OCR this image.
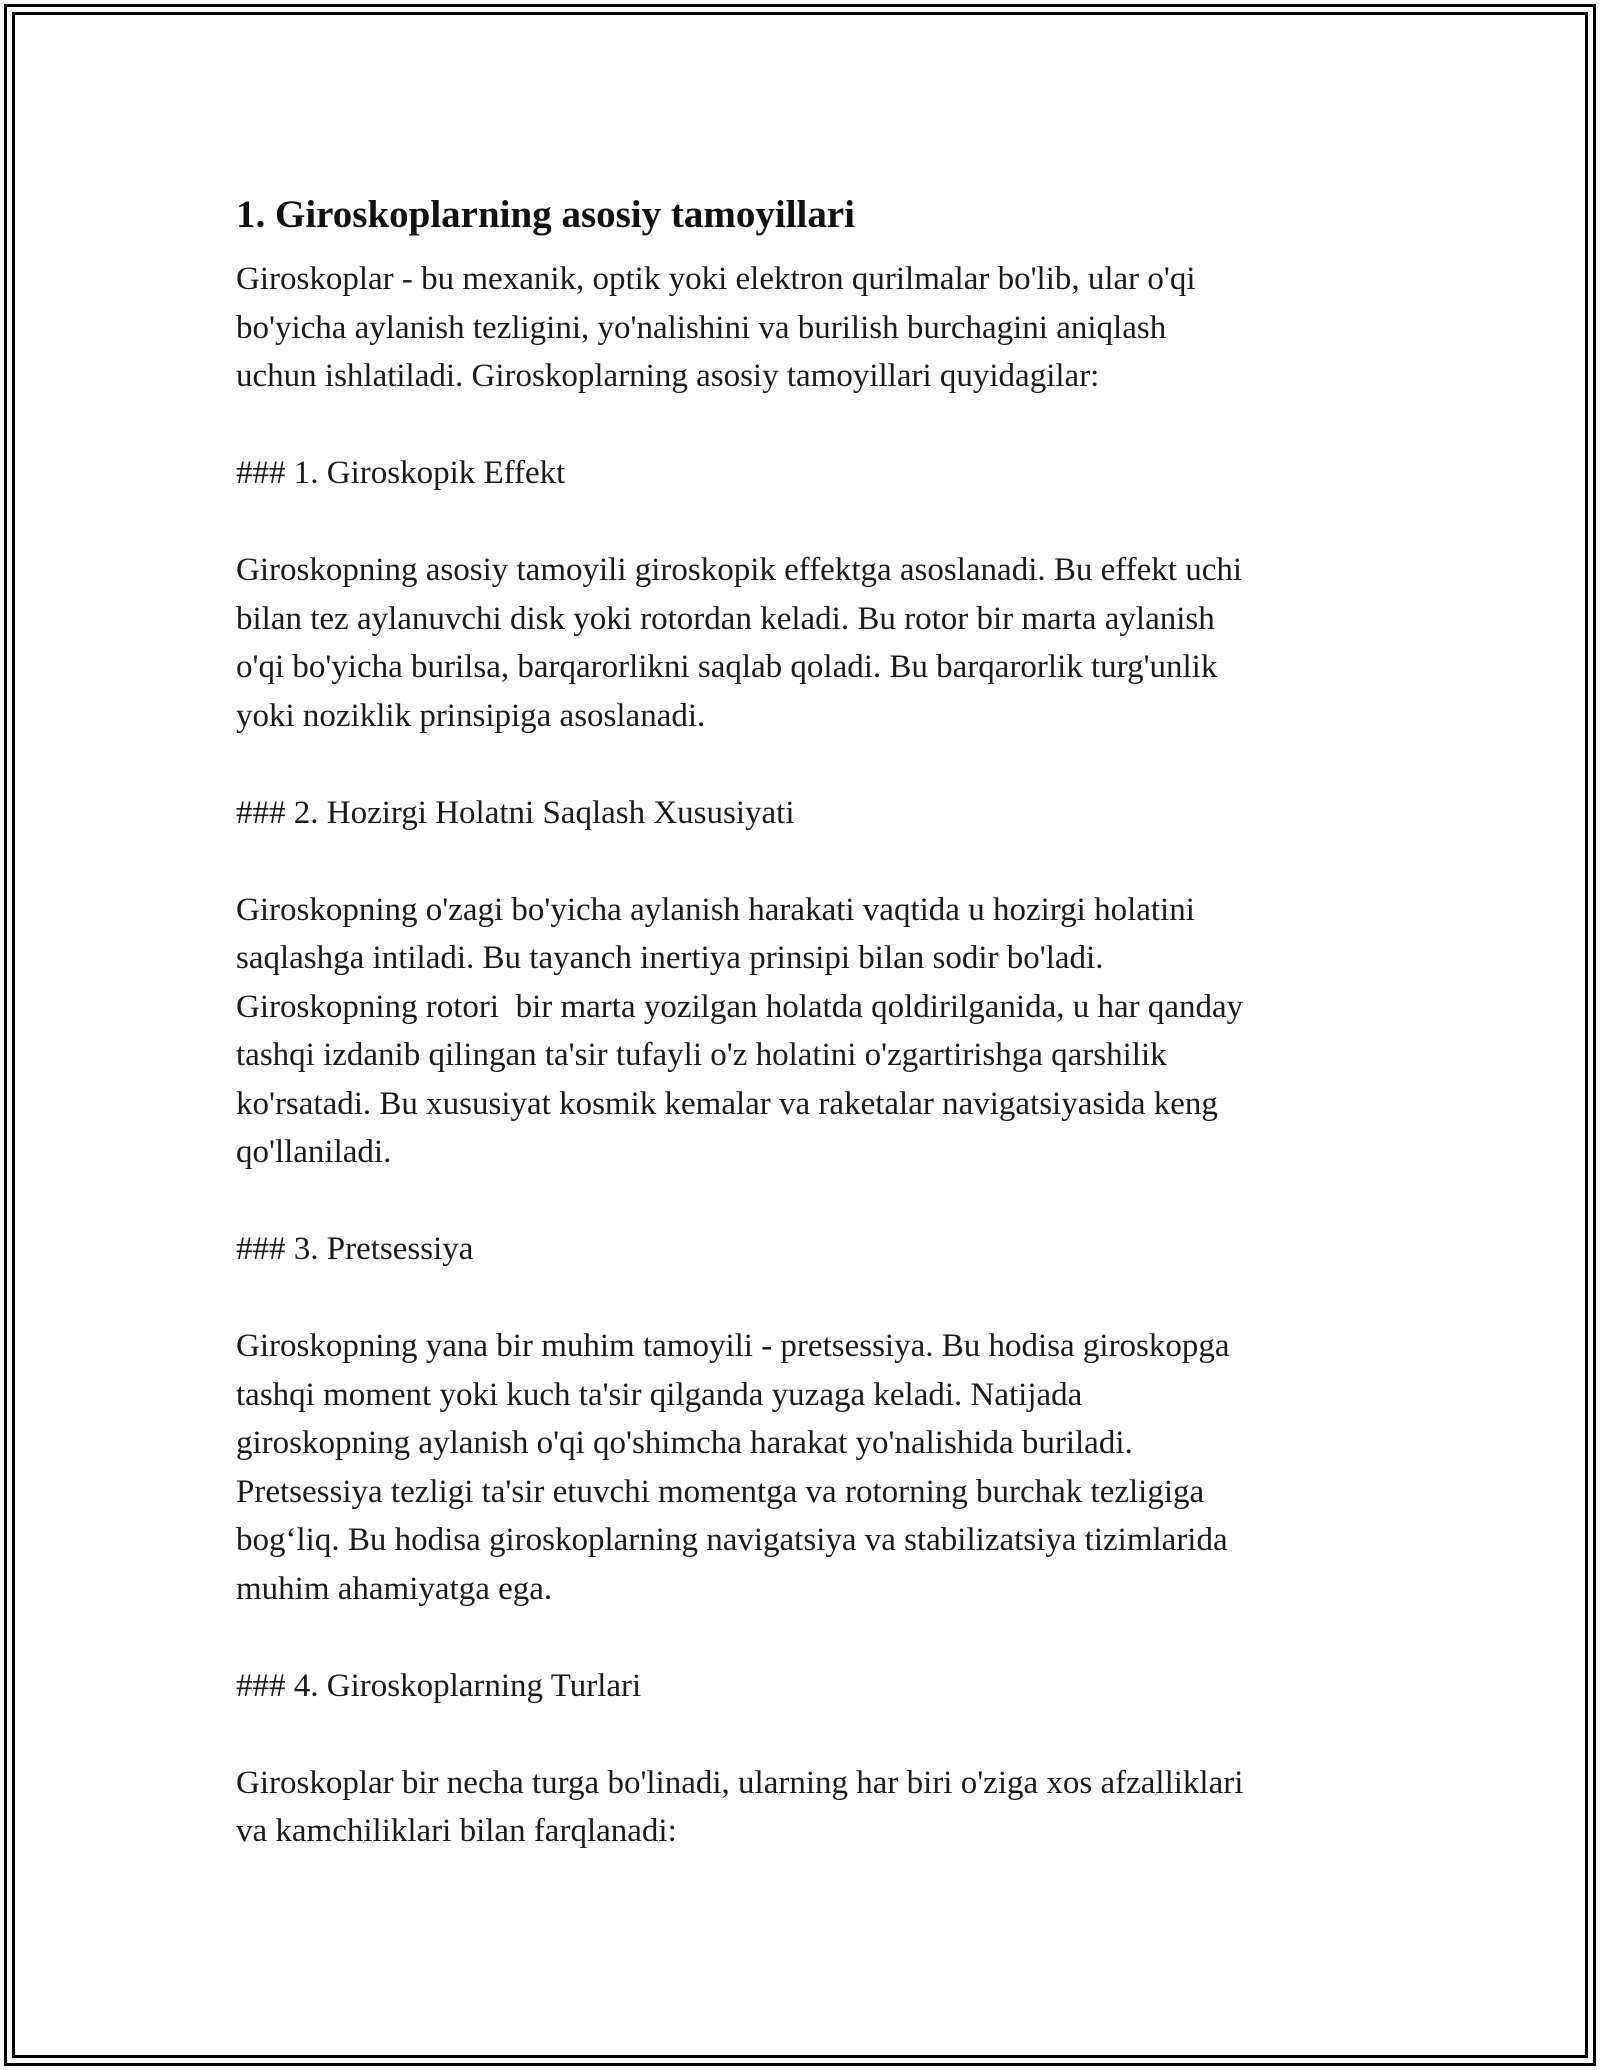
1. Giroskoplarning asosiy tamoyillari

Giroskoplar - bu mexanik, optik yoki elektron qurilmalar bo'lib, ular o'qi
bo'yicha aylanish tezligini, yo'nalishini va burilish burchagini aniqlash
uchun ishlatiladi. Giroskoplarning asosiy tamoyillari quyidagilar:

### 1. Giroskopik Effekt

Giroskopning asosiy tamoyili giroskopik effektga asoslanadi. Bu effekt uchi
bilan tez aylanuvchi disk yoki rotordan keladi. Bu rotor bir marta aylanish
o'qi bo'yicha burilsa, barqarorlikni saqlab qoladi. Bu barqarorlik turg'unlik
yoki noziklik prinsipiga asoslanadi.

### 2. Hozirgi Holatni Saqlash Xususiyati

Giroskopning o'zagi bo'yicha aylanish harakati vaqtida u hozirgi holatini
saqlashga intiladi. Bu tayanch inertiya prinsipi bilan sodir bo'ladi.
Giroskopning rotori  bir marta yozilgan holatda qoldirilganida, u har qanday
tashqi izdanib qilingan ta'sir tufayli o'z holatini o'zgartirishga qarshilik
ko'rsatadi. Bu xususiyat kosmik kemalar va raketalar navigatsiyasida keng
qo'llaniladi.

### 3. Pretsessiya

Giroskopning yana bir muhim tamoyili - pretsessiya. Bu hodisa giroskopga
tashqi moment yoki kuch ta'sir qilganda yuzaga keladi. Natijada
giroskopning aylanish o'qi qo'shimcha harakat yo'nalishida buriladi.
Pretsessiya tezligi ta'sir etuvchi momentga va rotorning burchak tezligiga
bog‘liq. Bu hodisa giroskoplarning navigatsiya va stabilizatsiya tizimlarida
muhim ahamiyatga ega.

### 4. Giroskoplarning Turlari

Giroskoplar bir necha turga bo'linadi, ularning har biri o'ziga xos afzalliklari
va kamchiliklari bilan farqlanadi:
